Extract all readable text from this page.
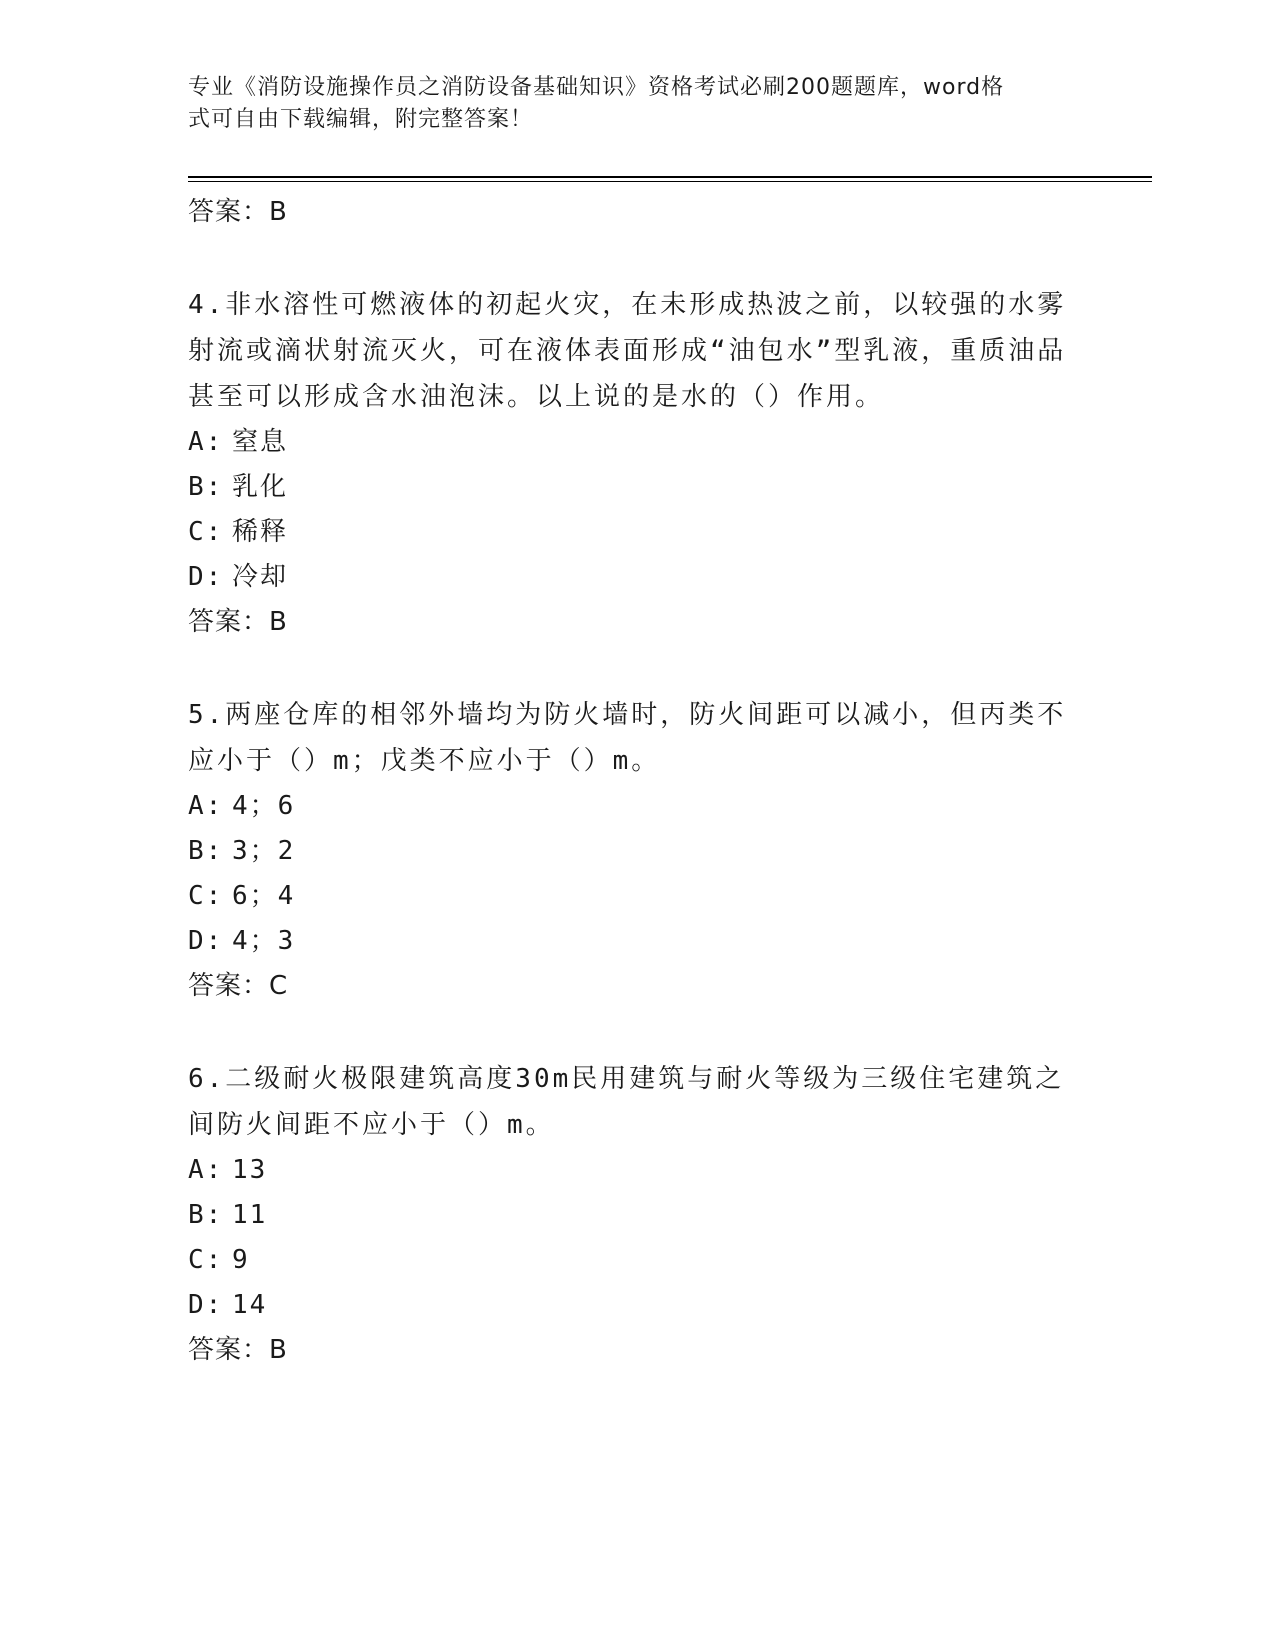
专业《消防设施操作员之消防设备基础知识》资格考试必刷200题题库，word格
式可自由下载编辑，附完整答案！
答案：B

4.非水溶性可燃液体的初起火灾，在未形成热波之前，以较强的水雾射流或滴状射流灭火，可在液体表面形成“油包水”型乳液，重质油品甚至可以形成含水油泡沫。以上说的是水的（）作用。

A: 窒息
B: 乳化
C: 稀释
D: 冷却
答案：B

5.两座仓库的相邻外墙均为防火墙时，防火间距可以减小，但丙类不应小于（）m；戊类不应小于（）m。

A: 4；6
B: 3；2
C: 6；4
D: 4；3
答案：C

6.二级耐火极限建筑高度30m民用建筑与耐火等级为三级住宅建筑之间防火间距不应小于（）m。

A: 13
B: 11
C: 9
D: 14
答案：B
